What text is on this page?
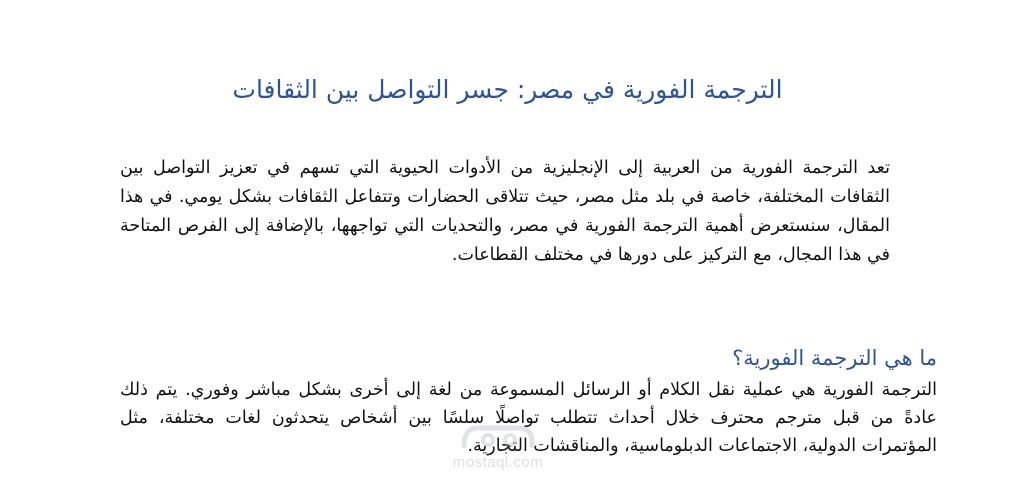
الترجمة الفورية في مصر: جسر التواصل بين الثقافات

تعد الترجمة الفورية من العربية إلى الإنجليزية من الأدوات الحيوية التي تسهم في تعزيز التواصل بين الثقافات المختلفة، خاصة في بلد مثل مصر، حيث تتلاقى الحضارات وتتفاعل الثقافات بشكل يومي. في هذا المقال، سنستعرض أهمية الترجمة الفورية في مصر، والتحديات التي تواجهها، بالإضافة إلى الفرص المتاحة في هذا المجال، مع التركيز على دورها في مختلف القطاعات.

ما هي الترجمة الفورية؟

الترجمة الفورية هي عملية نقل الكلام أو الرسائل المسموعة من لغة إلى أخرى بشكل مباشر وفوري. يتم ذلك عادةً من قبل مترجم محترف خلال أحداث تتطلب تواصلًا سلسًا بين أشخاص يتحدثون لغات مختلفة، مثل المؤتمرات الدولية، الاجتماعات الدبلوماسية، والمناقشات التجارية.

mostaql.com
